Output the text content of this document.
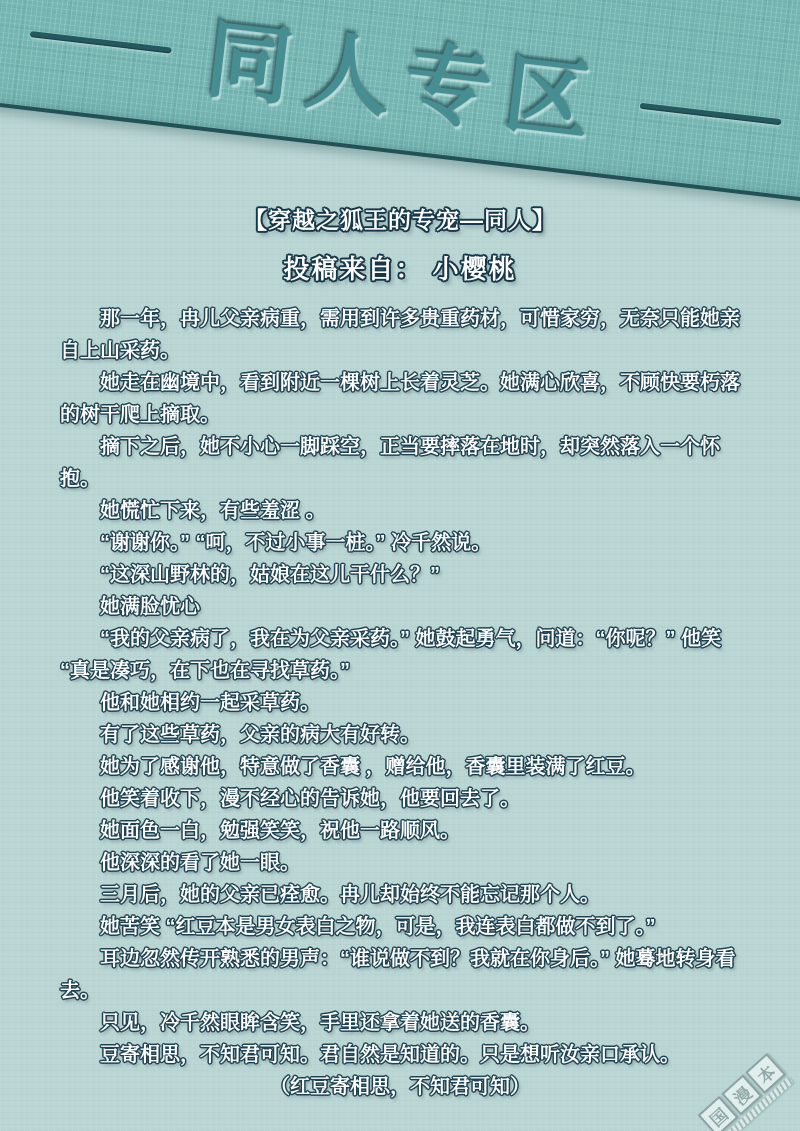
同人专区
【穿越之狐王的专宠—同人】
投稿来自： 小樱桃

那一年，冉儿父亲病重，需用到许多贵重药材，可惜家穷，无奈只能她亲自上山采药。

她走在幽境中，看到附近一棵树上长着灵芝。她满心欣喜，不顾快要朽落的树干爬上摘取。

摘下之后，她不小心一脚踩空，正当要摔落在地时，却突然落入一个怀抱。

她慌忙下来，有些羞涩 。

“谢谢你。” “呵，不过小事一桩。” 冷千然说。

“这深山野林的，姑娘在这儿干什么？”

她满脸忧心

“我的父亲病了，我在为父亲采药。” 她鼓起勇气，问道：“你呢？” 他笑 “真是凑巧，在下也在寻找草药。”

他和她相约一起采草药。

有了这些草药，父亲的病大有好转。

她为了感谢他，特意做了香囊 ，赠给他，香囊里装满了红豆。

他笑着收下，漫不经心的告诉她，他要回去了。

她面色一白，勉强笑笑，祝他一路顺风。

他深深的看了她一眼。

三月后，她的父亲已痊愈。冉儿却始终不能忘记那个人。

她苦笑 “红豆本是男女表白之物，可是，我连表白都做不到了。”

耳边忽然传开熟悉的男声：“谁说做不到？我就在你身后。” 她蓦地转身看去。

只见，冷千然眼眸含笑，手里还拿着她送的香囊。

豆寄相思，不知君可知。君自然是知道的。只是想听汝亲口承认。

（红豆寄相思，不知君可知）

国
漫
本
